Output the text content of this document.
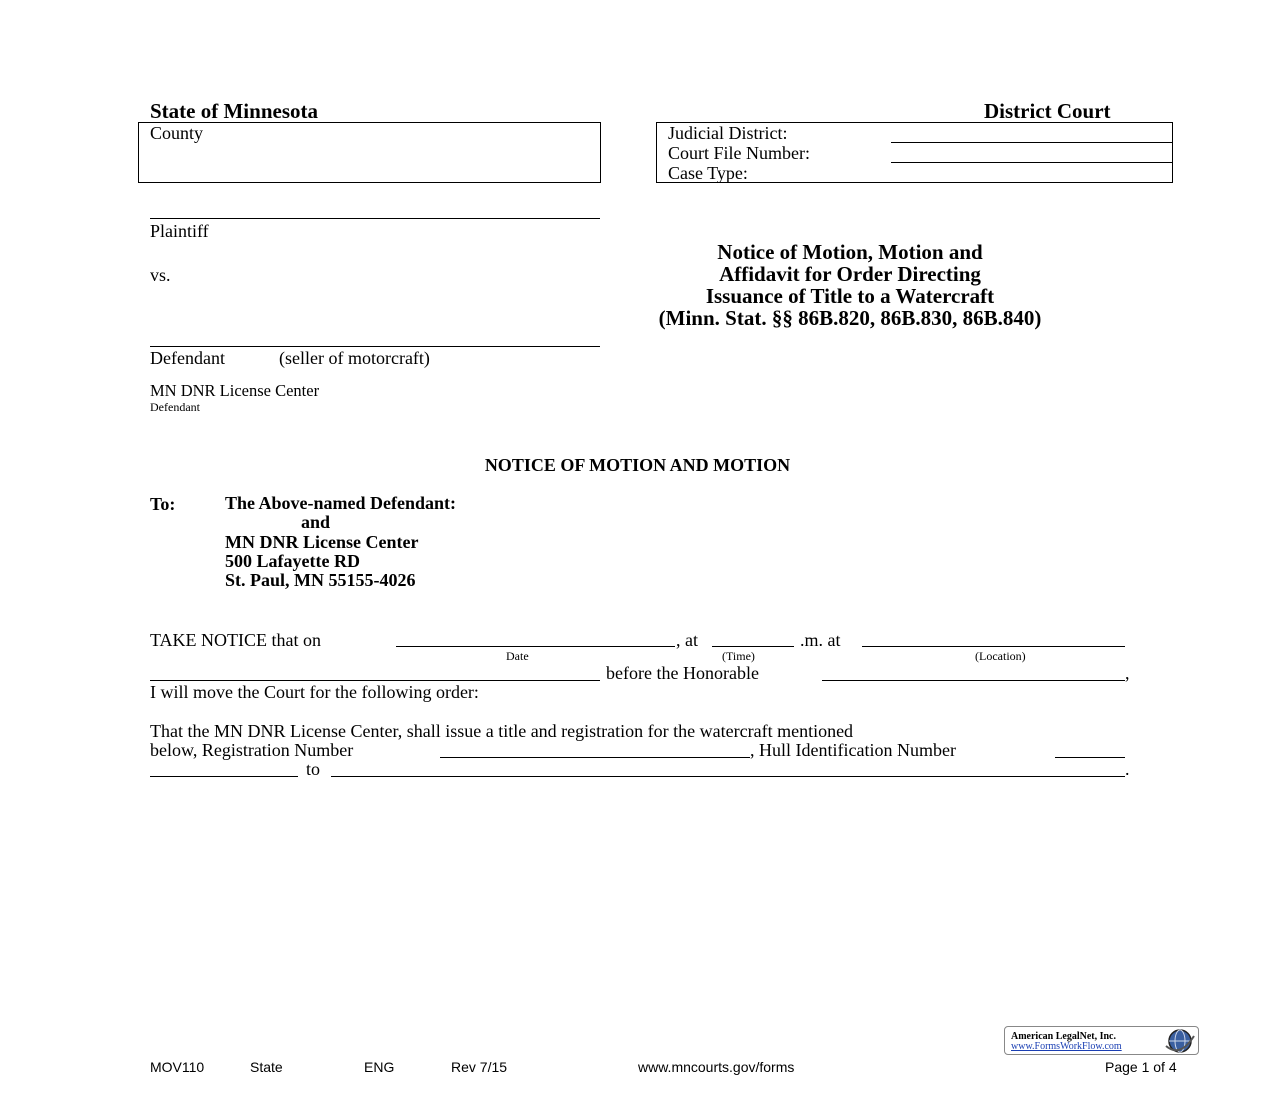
State of Minnesota	District Court
County	Judicial District:
Court File Number:
Case Type:
Plaintiff
vs.
Defendant	(seller of motorcraft)
MN DNR License Center
Defendant
Notice of Motion, Motion and
Affidavit for Order Directing
Issuance of Title to a Watercraft
(Minn. Stat. §§ 86B.820, 86B.830, 86B.840)
NOTICE OF MOTION AND MOTION
To:	The Above-named Defendant:
and
MN DNR License Center
500 Lafayette RD
St. Paul, MN 55155-4026
TAKE NOTICE that on	, at	.m. at
Date	(Time)	(Location)
before the Honorable	,
I will move the Court for the following order:
That the MN DNR License Center, shall issue a title and registration for the watercraft mentioned
below, Registration Number	, Hull Identification Number
to	.
American LegalNet, Inc.
www.FormsWorkFlow.com
MOV110	State	ENG	Rev 7/15	www.mncourts.gov/forms	Page 1 of 4
